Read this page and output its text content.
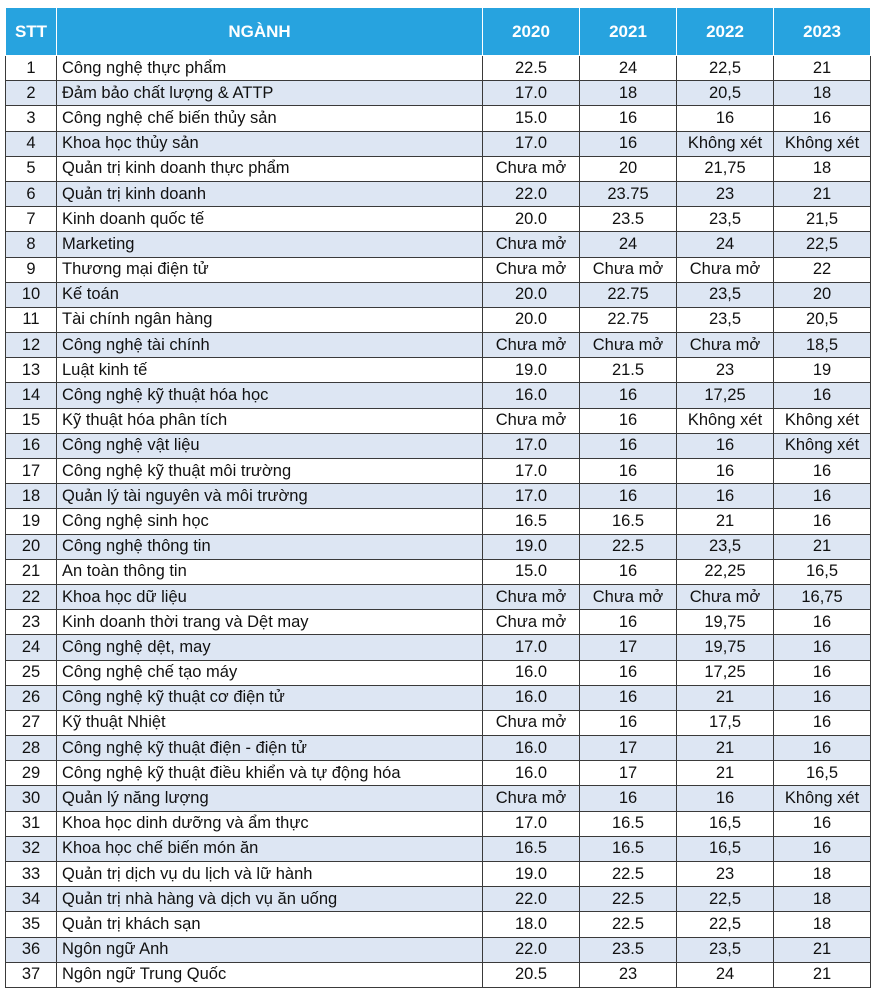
STT	NGÀNH	2020	2021	2022	2023
1	Công nghệ thực phẩm	22.5	24	22,5	21
2	Đảm bảo chất lượng & ATTP	17.0	18	20,5	18
3	Công nghệ chế biến thủy sản	15.0	16	16	16
4	Khoa học thủy sản	17.0	16	Không xét	Không xét
5	Quản trị kinh doanh thực phẩm	Chưa mở	20	21,75	18
6	Quản trị kinh doanh	22.0	23.75	23	21
7	Kinh doanh quốc tế	20.0	23.5	23,5	21,5
8	Marketing	Chưa mở	24	24	22,5
9	Thương mại điện tử	Chưa mở	Chưa mở	Chưa mở	22
10	Kế toán	20.0	22.75	23,5	20
11	Tài chính ngân hàng	20.0	22.75	23,5	20,5
12	Công nghệ tài chính	Chưa mở	Chưa mở	Chưa mở	18,5
13	Luật kinh tế	19.0	21.5	23	19
14	Công nghệ kỹ thuật hóa học	16.0	16	17,25	16
15	Kỹ thuật hóa phân tích	Chưa mở	16	Không xét	Không xét
16	Công nghệ vật liệu	17.0	16	16	Không xét
17	Công nghệ kỹ thuật môi trường	17.0	16	16	16
18	Quản lý tài nguyên và môi trường	17.0	16	16	16
19	Công nghệ sinh học	16.5	16.5	21	16
20	Công nghệ thông tin	19.0	22.5	23,5	21
21	An toàn thông tin	15.0	16	22,25	16,5
22	Khoa học dữ liệu	Chưa mở	Chưa mở	Chưa mở	16,75
23	Kinh doanh thời trang và Dệt may	Chưa mở	16	19,75	16
24	Công nghệ dệt, may	17.0	17	19,75	16
25	Công nghệ chế tạo máy	16.0	16	17,25	16
26	Công nghệ kỹ thuật cơ điện tử	16.0	16	21	16
27	Kỹ thuật Nhiệt	Chưa mở	16	17,5	16
28	Công nghệ kỹ thuật điện - điện tử	16.0	17	21	16
29	Công nghệ kỹ thuật điều khiển và tự động hóa	16.0	17	21	16,5
30	Quản lý năng lượng	Chưa mở	16	16	Không xét
31	Khoa học dinh dưỡng và ẩm thực	17.0	16.5	16,5	16
32	Khoa học chế biến món ăn	16.5	16.5	16,5	16
33	Quản trị dịch vụ du lịch và lữ hành	19.0	22.5	23	18
34	Quản trị nhà hàng và dịch vụ ăn uống	22.0	22.5	22,5	18
35	Quản trị khách sạn	18.0	22.5	22,5	18
36	Ngôn ngữ Anh	22.0	23.5	23,5	21
37	Ngôn ngữ Trung Quốc	20.5	23	24	21
